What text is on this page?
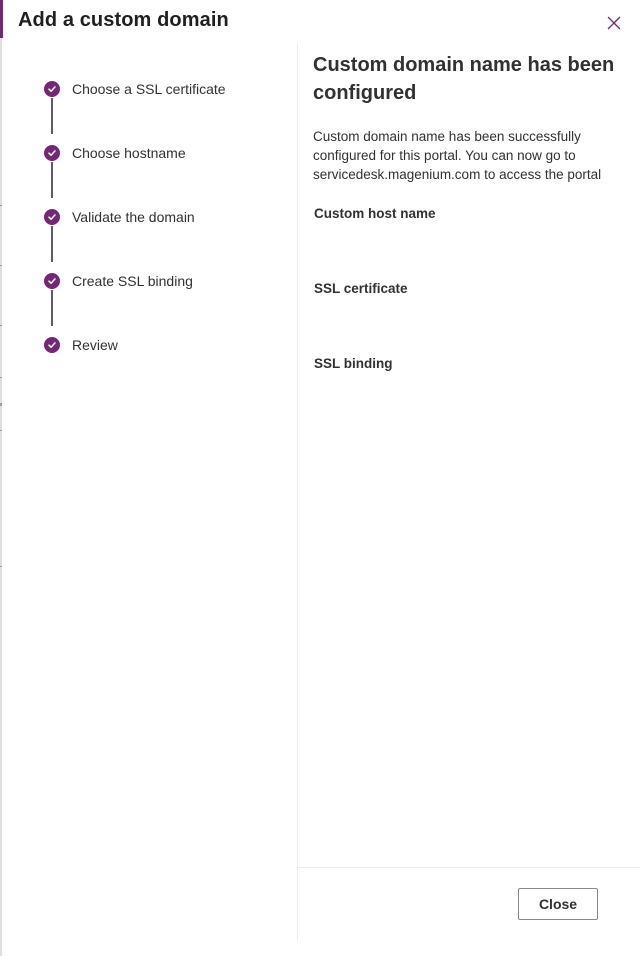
Add a custom domain
Choose a SSL certificate
Choose hostname
Validate the domain
Create SSL binding
Review
Custom domain name has been configured

Custom domain name has been successfully configured for this portal. You can now go to servicedesk.magenium.com to access the portal

Custom host name

SSL certificate

SSL binding

Close
